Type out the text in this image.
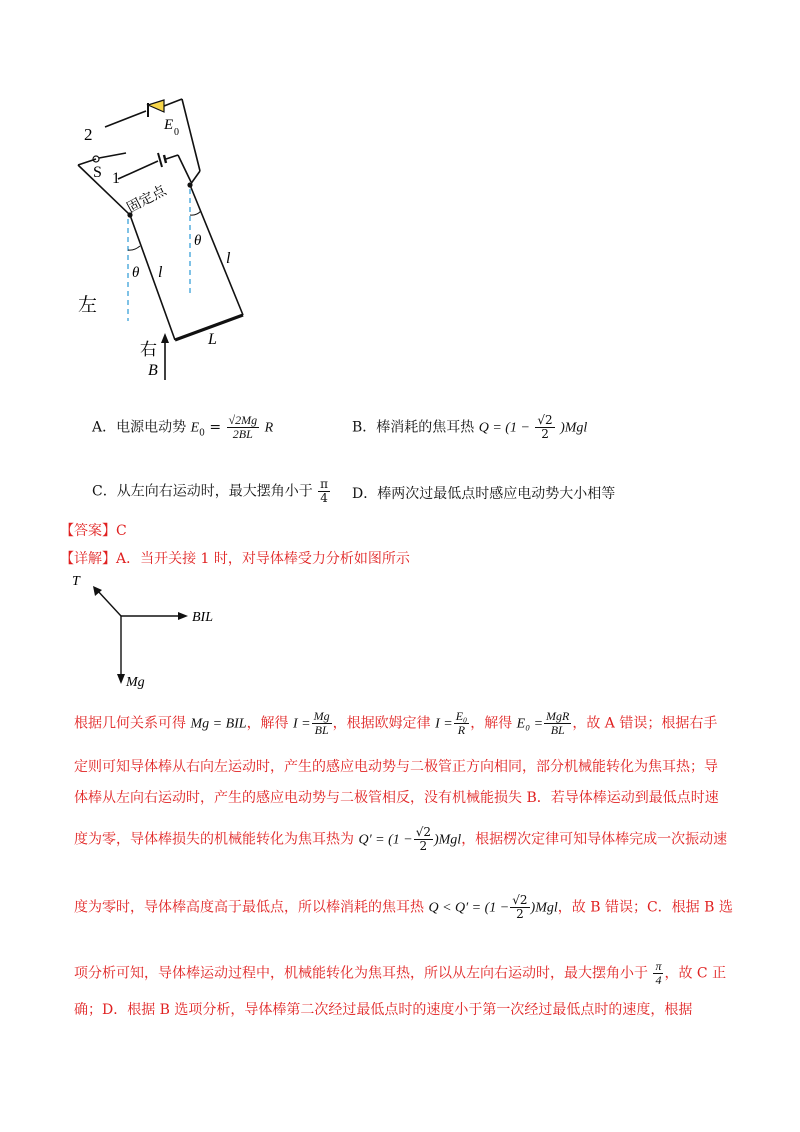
2
S 1
E 0
固定点
θ
θ l
l
左
右
B
L
A．电源电动势 $E_0 = \frac{√2Mg}{2BL}$ R	B．棒消耗的焦耳热 $Q = (1 - \frac{√2}{2} )Mgl$
C．从左向右运动时，最大摆角小于 $\frac{\pi}{4}$ D．棒两次过最低点时感应电动势大小相等
【答案】C
【详解】A．当开关接 1 时，对导体棒受力分析如图所示
T
BIL
Mg
根据几何关系可得 Mg = BIL，解得 $I = \frac{Mg}{BL}$ ，根据欧姆定律 $I = \frac{\text{E₀}}{R}$ ，解得 $E_0 = \frac{\text{MgR}}{BL}$ ，故 A 错误；根据右手
定则可知导体棒从右向左运动时，产生的感应电动势与二极管正方向相同，部分机械能转化为焦耳热；导
体棒从左向右运动时，产生的感应电动势与二极管相反，没有机械能损失 B．若导体棒运动到最低点时速
度为零，导体棒损失的机械能转化为焦耳热为 $Q' = (1 - \frac{√2}{2} )Mgl$，根据楞次定律可知导体棒完成一次振动速
度为零时，导体棒高度高于最低点，所以棒消耗的焦耳热 $Q < Q' = (1 - \frac{√2}{2} )Mgl$，故 B 错误；C．根据 B 选
项分析可知，导体棒运动过程中，机械能转化为焦耳热，所以从左向右运动时，最大摆角小于 $\frac{\pi}{4}$ ，故 C 正
确；D．根据 B 选项分析，导体棒第二次经过最低点时的速度小于第一次经过最低点时的速度，根据
